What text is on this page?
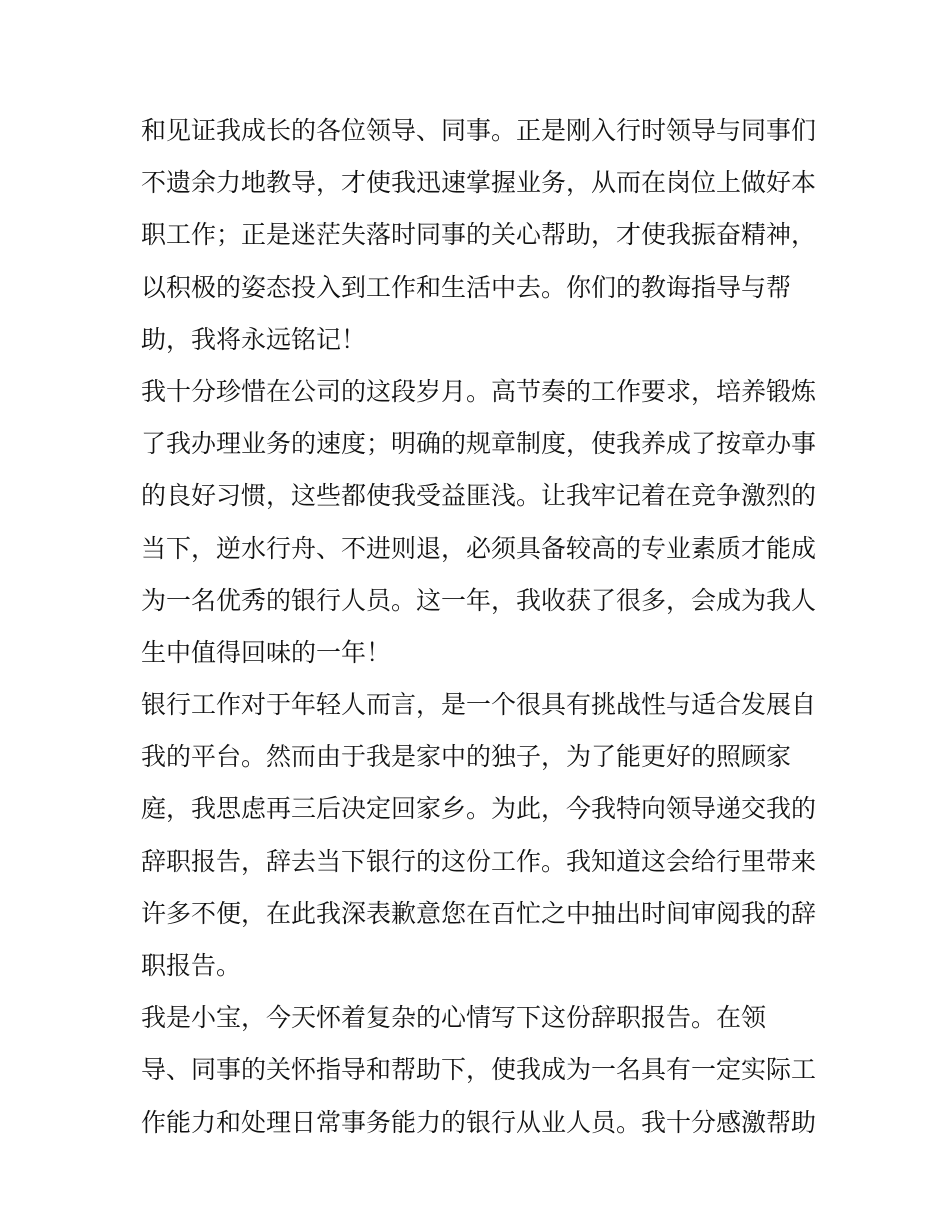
和见证我成长的各位领导、同事。正是刚入行时领导与同事们
不遗余力地教导，才使我迅速掌握业务，从而在岗位上做好本
职工作；正是迷茫失落时同事的关心帮助，才使我振奋精神，
以积极的姿态投入到工作和生活中去。你们的教诲指导与帮
助，我将永远铭记！
我十分珍惜在公司的这段岁月。高节奏的工作要求，培养锻炼
了我办理业务的速度；明确的规章制度，使我养成了按章办事
的良好习惯，这些都使我受益匪浅。让我牢记着在竞争激烈的
当下，逆水行舟、不进则退，必须具备较高的专业素质才能成
为一名优秀的银行人员。这一年，我收获了很多，会成为我人
生中值得回味的一年！
银行工作对于年轻人而言，是一个很具有挑战性与适合发展自
我的平台。然而由于我是家中的独子，为了能更好的照顾家
庭，我思虑再三后决定回家乡。为此，今我特向领导递交我的
辞职报告，辞去当下银行的这份工作。我知道这会给行里带来
许多不便，在此我深表歉意您在百忙之中抽出时间审阅我的辞
职报告。
我是小宝，今天怀着复杂的心情写下这份辞职报告。在领
导、同事的关怀指导和帮助下，使我成为一名具有一定实际工
作能力和处理日常事务能力的银行从业人员。我十分感激帮助
